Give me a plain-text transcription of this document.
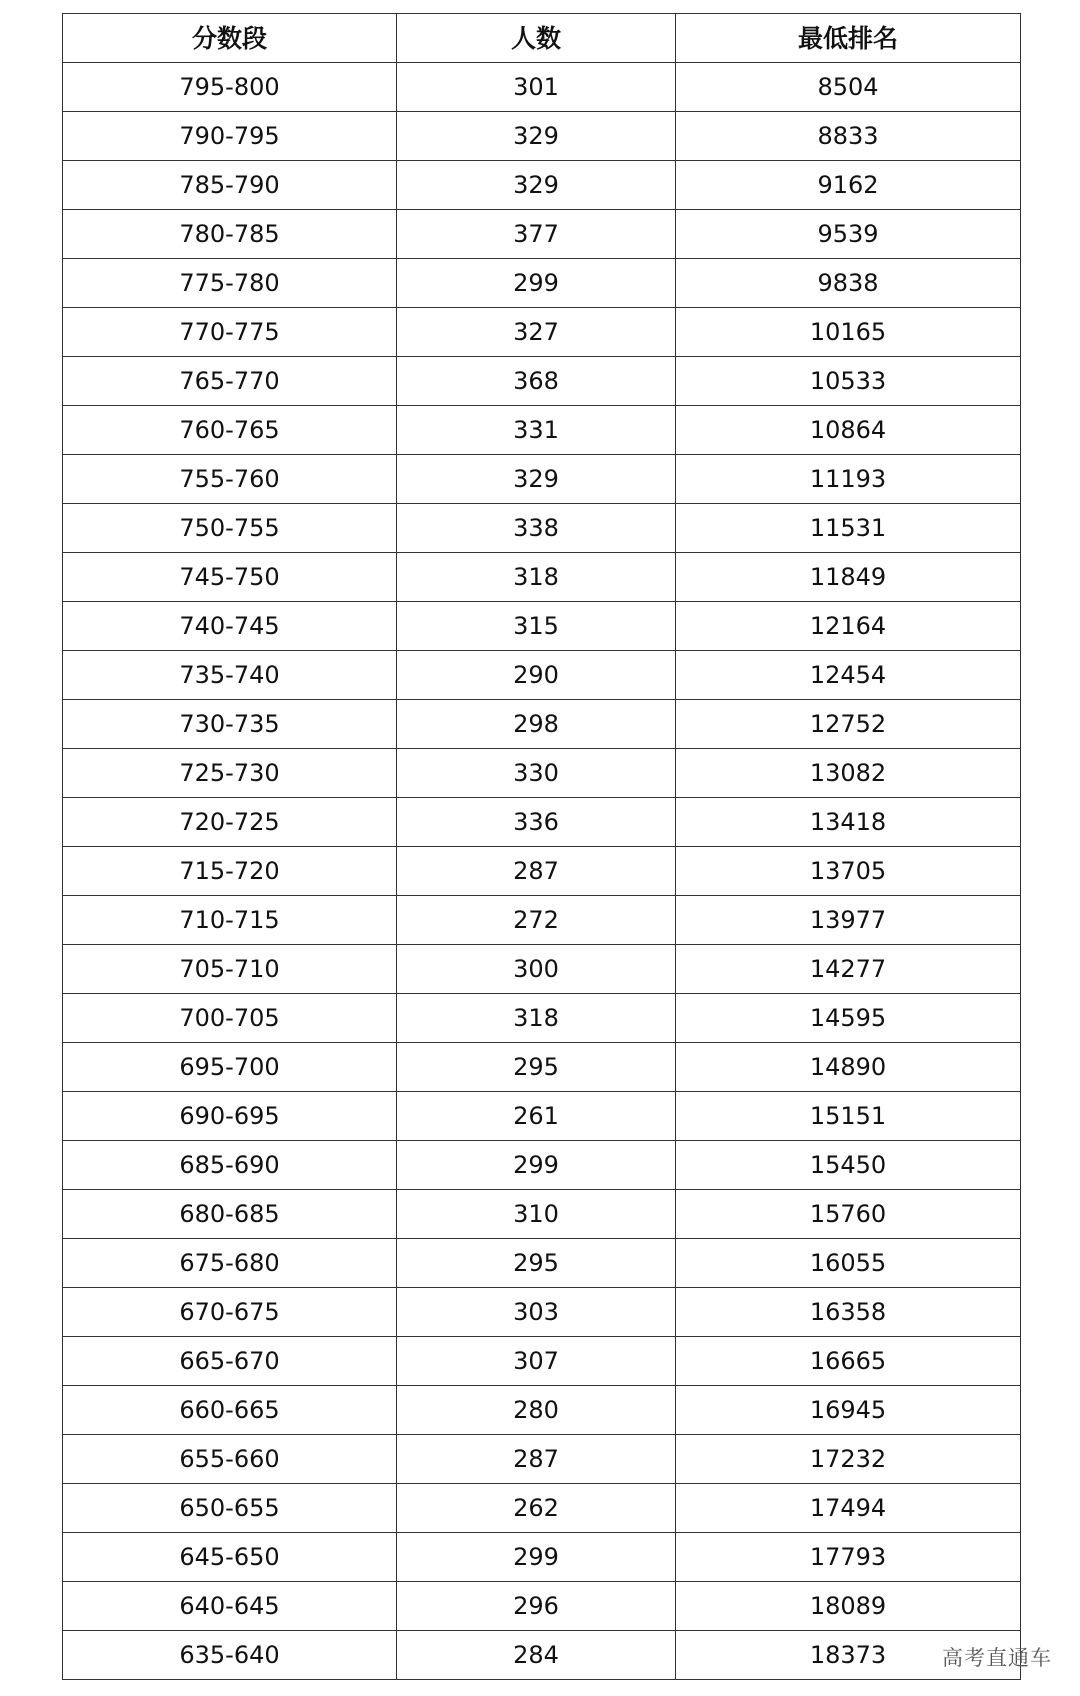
分数段	人数	最低排名
795-800	301	8504
790-795	329	8833
785-790	329	9162
780-785	377	9539
775-780	299	9838
770-775	327	10165
765-770	368	10533
760-765	331	10864
755-760	329	11193
750-755	338	11531
745-750	318	11849
740-745	315	12164
735-740	290	12454
730-735	298	12752
725-730	330	13082
720-725	336	13418
715-720	287	13705
710-715	272	13977
705-710	300	14277
700-705	318	14595
695-700	295	14890
690-695	261	15151
685-690	299	15450
680-685	310	15760
675-680	295	16055
670-675	303	16358
665-670	307	16665
660-665	280	16945
655-660	287	17232
650-655	262	17494
645-650	299	17793
640-645	296	18089
635-640	284	18373	高考直通车
